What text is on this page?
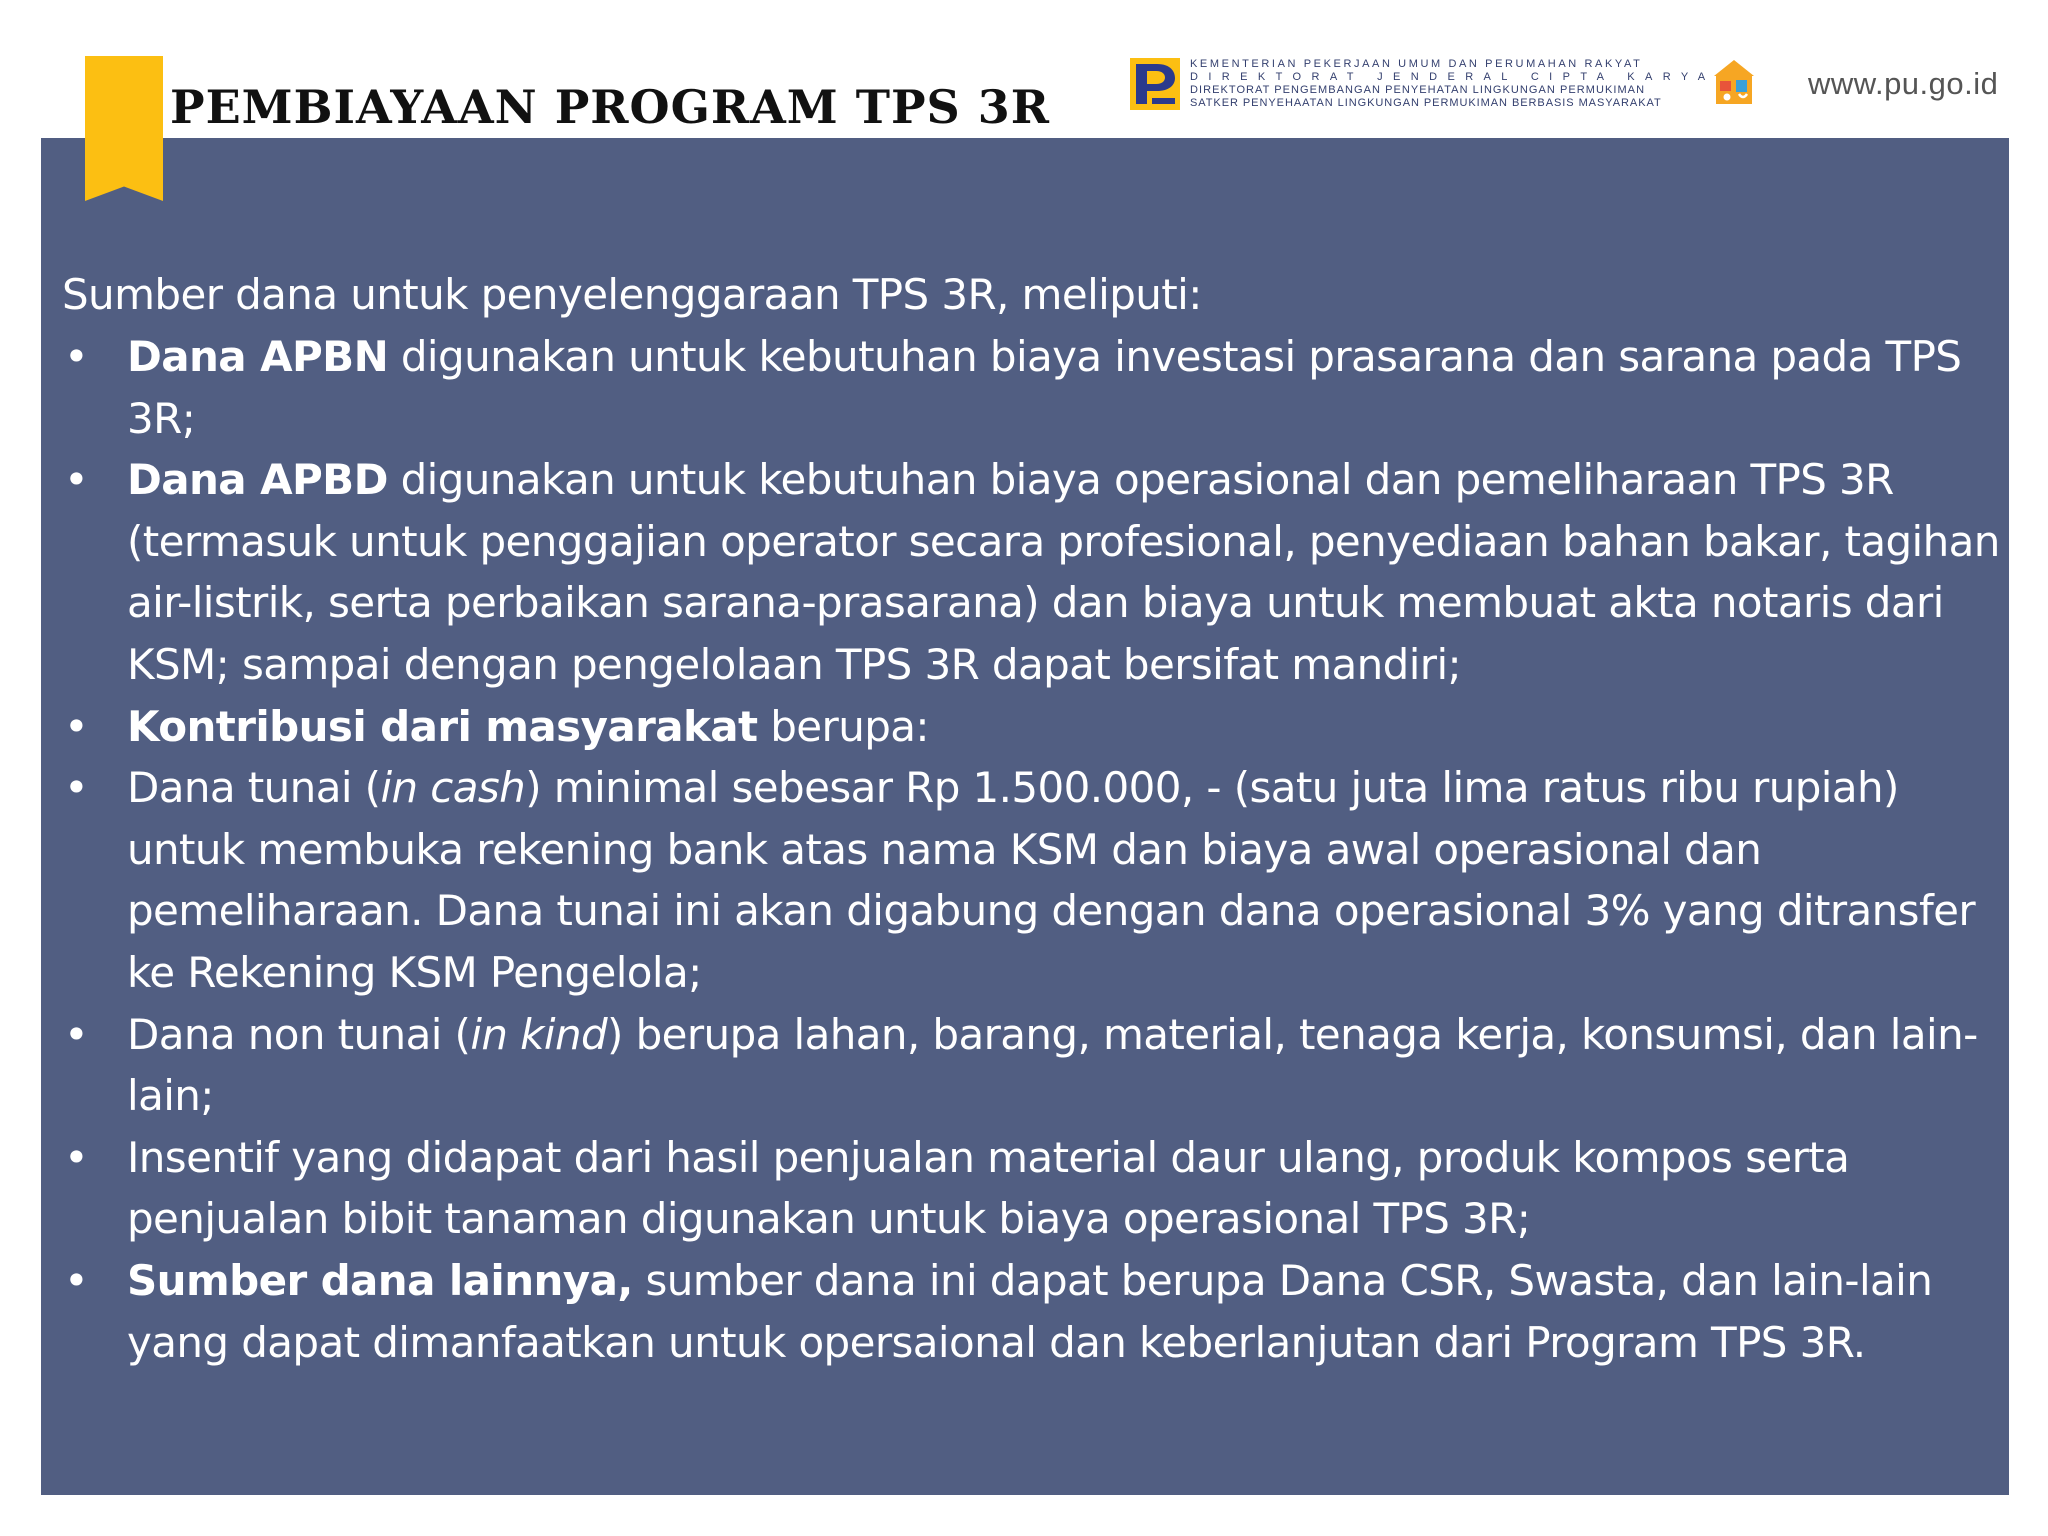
PEMBIAYAAN PROGRAM TPS 3R
KEMENTERIAN PEKERJAAN UMUM DAN PERUMAHAN RAKYAT
DIREKTORAT JENDERAL CIPTA KARYA
DIREKTORAT PENGEMBANGAN PENYEHATAN LINGKUNGAN PERMUKIMAN
SATKER PENYEHAATAN LINGKUNGAN PERMUKIMAN BERBASIS MASYARAKAT
www.pu.go.id

Sumber dana untuk penyelenggaraan TPS 3R, meliputi:

• Dana APBN digunakan untuk kebutuhan biaya investasi prasarana dan sarana pada TPS 3R;
• Dana APBD digunakan untuk kebutuhan biaya operasional dan pemeliharaan TPS 3R (termasuk untuk penggajian operator secara profesional, penyediaan bahan bakar, tagihan air-listrik, serta perbaikan sarana-prasarana) dan biaya untuk membuat akta notaris dari KSM; sampai dengan pengelolaan TPS 3R dapat bersifat mandiri;
• Kontribusi dari masyarakat berupa:
• Dana tunai (in cash) minimal sebesar Rp 1.500.000, - (satu juta lima ratus ribu rupiah) untuk membuka rekening bank atas nama KSM dan biaya awal operasional dan pemeliharaan. Dana tunai ini akan digabung dengan dana operasional 3% yang ditransfer ke Rekening KSM Pengelola;
• Dana non tunai (in kind) berupa lahan, barang, material, tenaga kerja, konsumsi, dan lain-lain;
• Insentif yang didapat dari hasil penjualan material daur ulang, produk kompos serta penjualan bibit tanaman digunakan untuk biaya operasional TPS 3R;
• Sumber dana lainnya, sumber dana ini dapat berupa Dana CSR, Swasta, dan lain-lain yang dapat dimanfaatkan untuk opersaional dan keberlanjutan dari Program TPS 3R.
